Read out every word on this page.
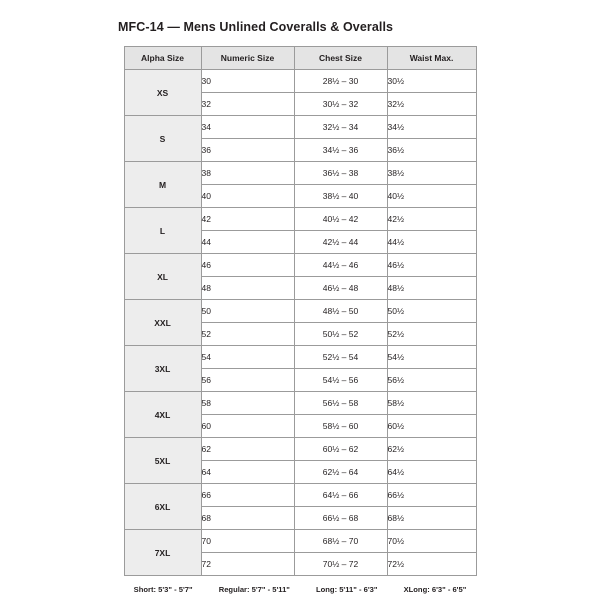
MFC-14 — Mens Unlined Coveralls & Overalls
Alpha Size	Numeric Size	Chest Size	Waist Max.
XS	30	28½ – 30	30½
	32	30½ – 32	32½
S	34	32½ – 34	34½
	36	34½ – 36	36½
M	38	36½ – 38	38½
	40	38½ – 40	40½
L	42	40½ – 42	42½
	44	42½ – 44	44½
XL	46	44½ – 46	46½
	48	46½ – 48	48½
XXL	50	48½ – 50	50½
	52	50½ – 52	52½
3XL	54	52½ – 54	54½
	56	54½ – 56	56½
4XL	58	56½ – 58	58½
	60	58½ – 60	60½
5XL	62	60½ – 62	62½
	64	62½ – 64	64½
6XL	66	64½ – 66	66½
	68	66½ – 68	68½
7XL	70	68½ – 70	70½
	72	70½ – 72	72½
Short: 5'3" - 5'7"	Regular: 5'7" - 5'11"	Long: 5'11" - 6'3"	XLong: 6'3" - 6'5"
